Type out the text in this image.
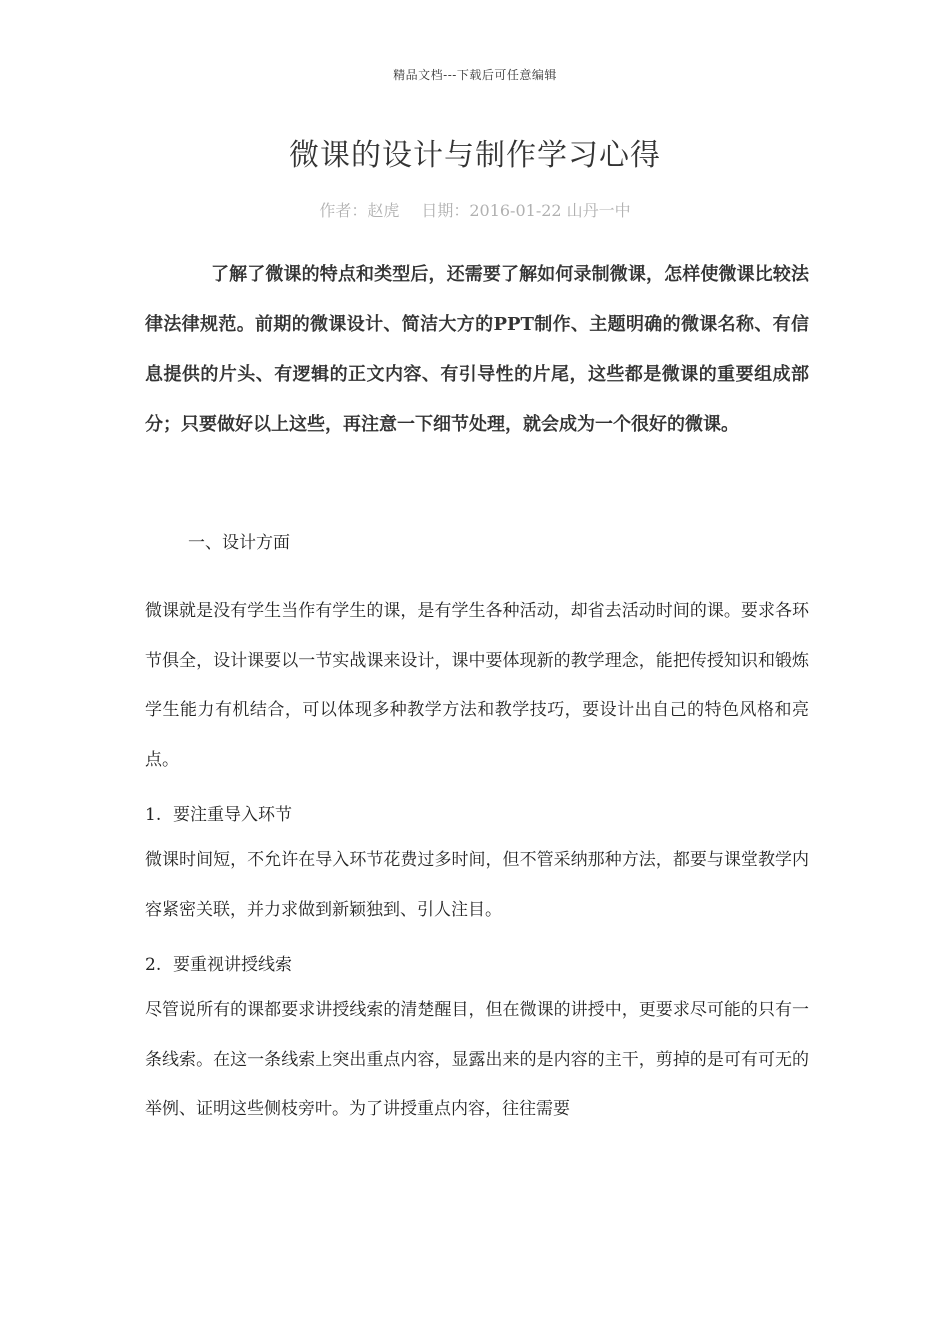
精品文档---下载后可任意编辑
微课的设计与制作学习心得
作者：赵虎 日期：2016-01-22 山丹一中

了解了微课的特点和类型后，还需要了解如何录制微课，怎样使微课比较法律法律规范。前期的微课设计、简洁大方的PPT制作、主题明确的微课名称、有信息提供的片头、有逻辑的正文内容、有引导性的片尾，这些都是微课的重要组成部分；只要做好以上这些，再注意一下细节处理，就会成为一个很好的微课。

一、设计方面

微课就是没有学生当作有学生的课，是有学生各种活动，却省去活动时间的课。要求各环节俱全，设计课要以一节实战课来设计，课中要体现新的教学理念，能把传授知识和锻炼学生能力有机结合，可以体现多种教学方法和教学技巧，要设计出自己的特色风格和亮点。

1. 要注重导入环节

微课时间短，不允许在导入环节花费过多时间，但不管采纳那种方法，都要与课堂教学内容紧密关联，并力求做到新颖独到、引人注目。

2. 要重视讲授线索

尽管说所有的课都要求讲授线索的清楚醒目，但在微课的讲授中，更要求尽可能的只有一条线索。在这一条线索上突出重点内容，显露出来的是内容的主干，剪掉的是可有可无的举例、证明这些侧枝旁叶。为了讲授重点内容，往往需要
